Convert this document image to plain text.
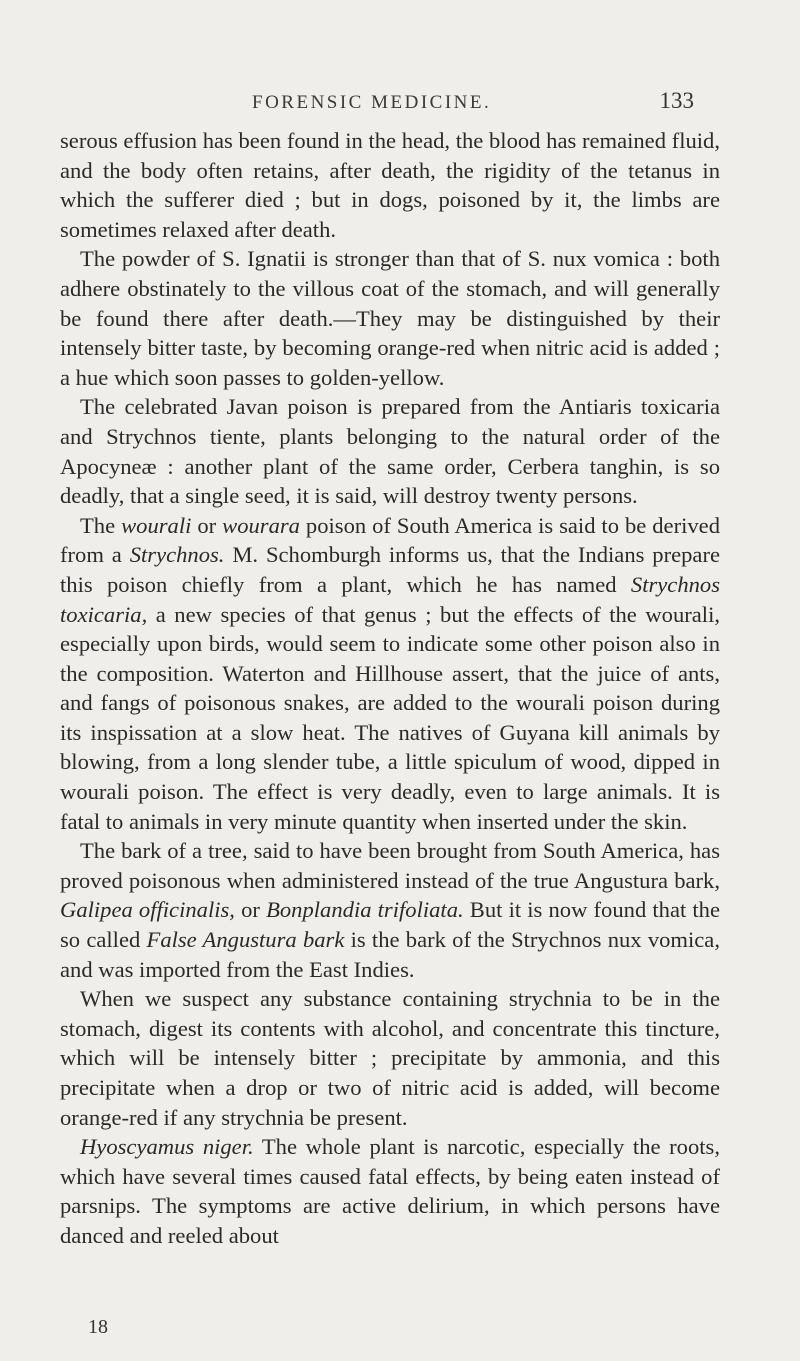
FORENSIC MEDICINE.	133

serous effusion has been found in the head, the blood has remained fluid, and the body often retains, after death, the rigidity of the tetanus in which the sufferer died ; but in dogs, poisoned by it, the limbs are sometimes relaxed after death.

The powder of S. Ignatii is stronger than that of S. nux vomica : both adhere obstinately to the villous coat of the stomach, and will generally be found there after death.—They may be distinguished by their intensely bitter taste, by becoming orange-red when nitric acid is added ; a hue which soon passes to golden-yellow.

The celebrated Javan poison is prepared from the Antiaris toxicaria and Strychnos tiente, plants belonging to the natural order of the Apocyneæ : another plant of the same order, Cerbera tanghin, is so deadly, that a single seed, it is said, will destroy twenty persons.

The wourali or wourara poison of South America is said to be derived from a Strychnos. M. Schomburgh informs us, that the Indians prepare this poison chiefly from a plant, which he has named Strychnos toxicaria, a new species of that genus ; but the effects of the wourali, especially upon birds, would seem to indicate some other poison also in the composition. Waterton and Hillhouse assert, that the juice of ants, and fangs of poisonous snakes, are added to the wourali poison during its inspissation at a slow heat. The natives of Guyana kill animals by blowing, from a long slender tube, a little spiculum of wood, dipped in wourali poison. The effect is very deadly, even to large animals. It is fatal to animals in very minute quantity when inserted under the skin.

The bark of a tree, said to have been brought from South America, has proved poisonous when administered instead of the true Angustura bark, Galipea officinalis, or Bonplandia trifoliata. But it is now found that the so called False Angustura bark is the bark of the Strychnos nux vomica, and was imported from the East Indies.

When we suspect any substance containing strychnia to be in the stomach, digest its contents with alcohol, and concentrate this tincture, which will be intensely bitter ; precipitate by ammonia, and this precipitate when a drop or two of nitric acid is added, will become orange-red if any strychnia be present.

Hyoscyamus niger. The whole plant is narcotic, especially the roots, which have several times caused fatal effects, by being eaten instead of parsnips. The symptoms are active delirium, in which persons have danced and reeled about

18
